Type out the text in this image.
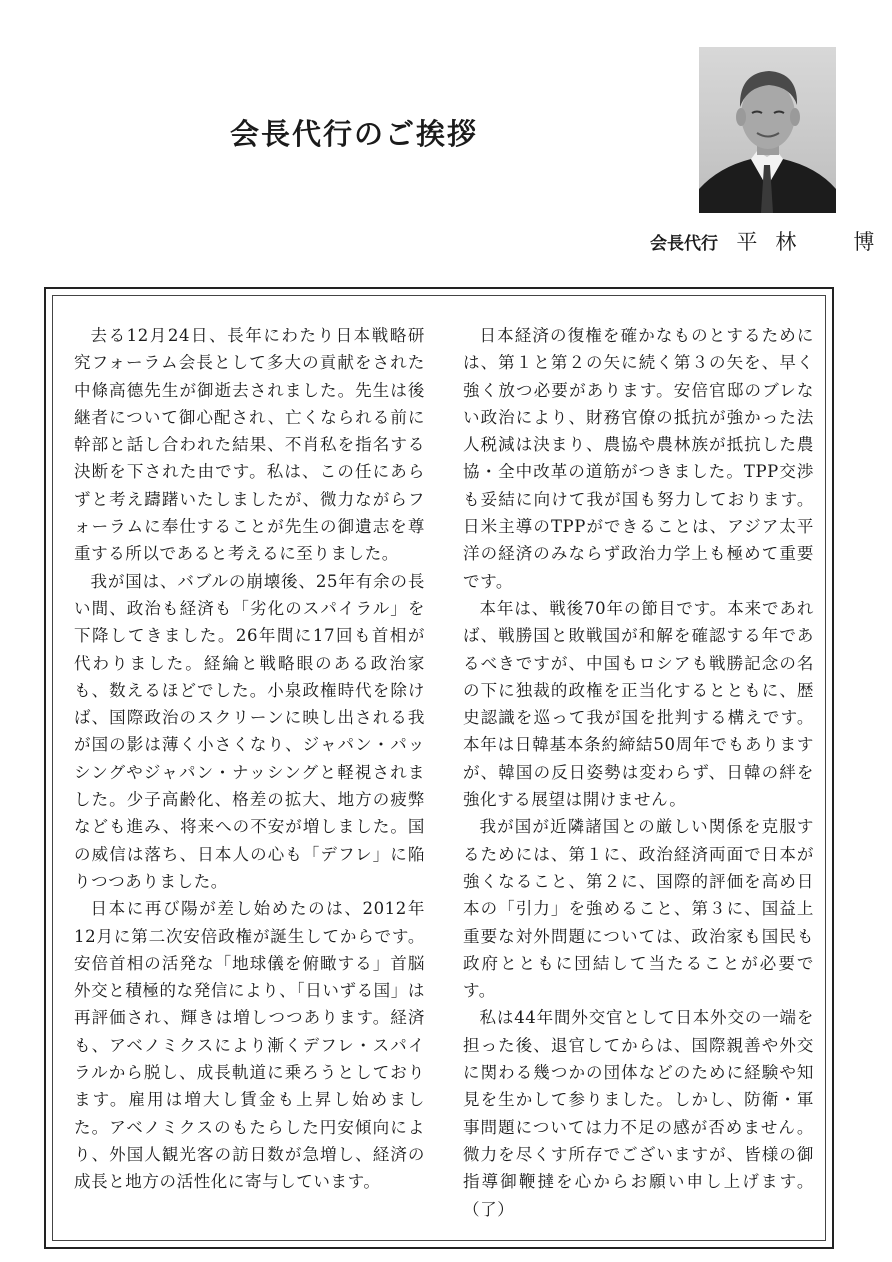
会長代行のご挨拶
会長代行 平林　博

去る12月24日、長年にわたり日本戦略研究フォーラム会長として多大の貢献をされた中條高德先生が御逝去されました。先生は後継者について御心配され、亡くなられる前に幹部と話し合われた結果、不肖私を指名する決断を下された由です。私は、この任にあらずと考え躊躇いたしましたが、微力ながらフォーラムに奉仕することが先生の御遺志を尊重する所以であると考えるに至りました。

我が国は、バブルの崩壊後、25年有余の長い間、政治も経済も「劣化のスパイラル」を下降してきました。26年間に17回も首相が代わりました。経綸と戦略眼のある政治家も、数えるほどでした。小泉政権時代を除けば、国際政治のスクリーンに映し出される我が国の影は薄く小さくなり、ジャパン・パッシングやジャパン・ナッシングと軽視されました。少子高齢化、格差の拡大、地方の疲弊なども進み、将来への不安が増しました。国の威信は落ち、日本人の心も「デフレ」に陥りつつありました。

日本に再び陽が差し始めたのは、2012年12月に第二次安倍政権が誕生してからです。安倍首相の活発な「地球儀を俯瞰する」首脳外交と積極的な発信により、「日いずる国」は再評価され、輝きは増しつつあります。経済も、アベノミクスにより漸くデフレ・スパイラルから脱し、成長軌道に乗ろうとしております。雇用は増大し賃金も上昇し始めました。アベノミクスのもたらした円安傾向により、外国人観光客の訪日数が急増し、経済の成長と地方の活性化に寄与しています。

日本経済の復権を確かなものとするためには、第１と第２の矢に続く第３の矢を、早く強く放つ必要があります。安倍官邸のブレない政治により、財務官僚の抵抗が強かった法人税減は決まり、農協や農林族が抵抗した農協・全中改革の道筋がつきました。TPP交渉も妥結に向けて我が国も努力しております。日米主導のTPPができることは、アジア太平洋の経済のみならず政治力学上も極めて重要です。

本年は、戦後70年の節目です。本来であれば、戦勝国と敗戦国が和解を確認する年であるべきですが、中国もロシアも戦勝記念の名の下に独裁的政権を正当化するとともに、歴史認識を巡って我が国を批判する構えです。本年は日韓基本条約締結50周年でもありますが、韓国の反日姿勢は変わらず、日韓の絆を強化する展望は開けません。

我が国が近隣諸国との厳しい関係を克服するためには、第１に、政治経済両面で日本が強くなること、第２に、国際的評価を高め日本の「引力」を強めること、第３に、国益上重要な対外問題については、政治家も国民も政府とともに団結して当たることが必要です。

私は44年間外交官として日本外交の一端を担った後、退官してからは、国際親善や外交に関わる幾つかの団体などのために経験や知見を生かして参りました。しかし、防衛・軍事問題については力不足の感が否めません。微力を尽くす所存でございますが、皆様の御指導御鞭撻を心からお願い申し上げます。（了）
